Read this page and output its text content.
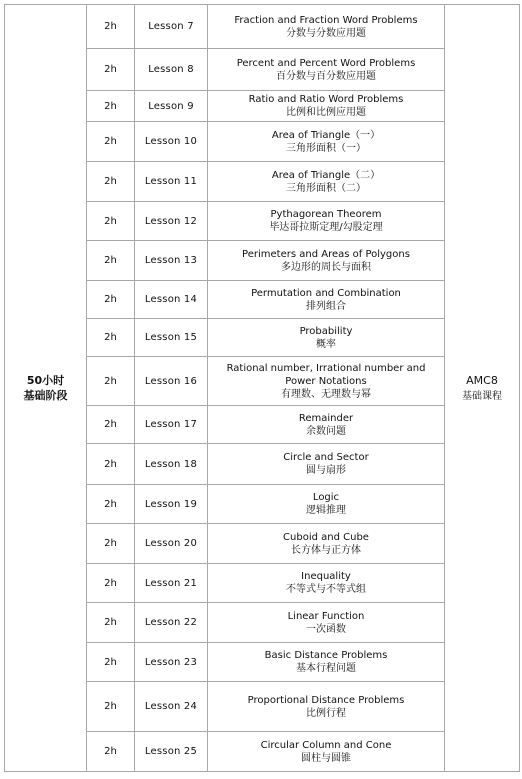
50小时
基础阶段	2h	Lesson 7	Fraction and Fraction Word Problems
分数与分数应用题	AMC8
基础课程
	2h	Lesson 8	Percent and Percent Word Problems
百分数与百分数应用题	

	2h	Lesson 9	Ratio and Ratio Word Problems
比例和比例应用题	

	2h	Lesson 10	Area of Triangle（一）
三角形面积（一）	

	2h	Lesson 11	Area of Triangle（二）
三角形面积（二）	

	2h	Lesson 12	Pythagorean Theorem
毕达哥拉斯定理/勾股定理	

	2h	Lesson 13	Perimeters and Areas of Polygons
多边形的周长与面积	

	2h	Lesson 14	Permutation and Combination
排列组合	

	2h	Lesson 15	Probability
概率	

	2h	Lesson 16	Rational number, Irrational number and Power Notations
有理数、无理数与幂	

	2h	Lesson 17	Remainder
余数问题	

	2h	Lesson 18	Circle and Sector
圆与扇形	

	2h	Lesson 19	Logic
逻辑推理	

	2h	Lesson 20	Cuboid and Cube
长方体与正方体	

	2h	Lesson 21	Inequality
不等式与不等式组	

	2h	Lesson 22	Linear Function
一次函数	

	2h	Lesson 23	Basic Distance Problems
基本行程问题	

	2h	Lesson 24	Proportional Distance Problems
比例行程	

	2h	Lesson 25	Circular Column and Cone
圆柱与圆锥	
